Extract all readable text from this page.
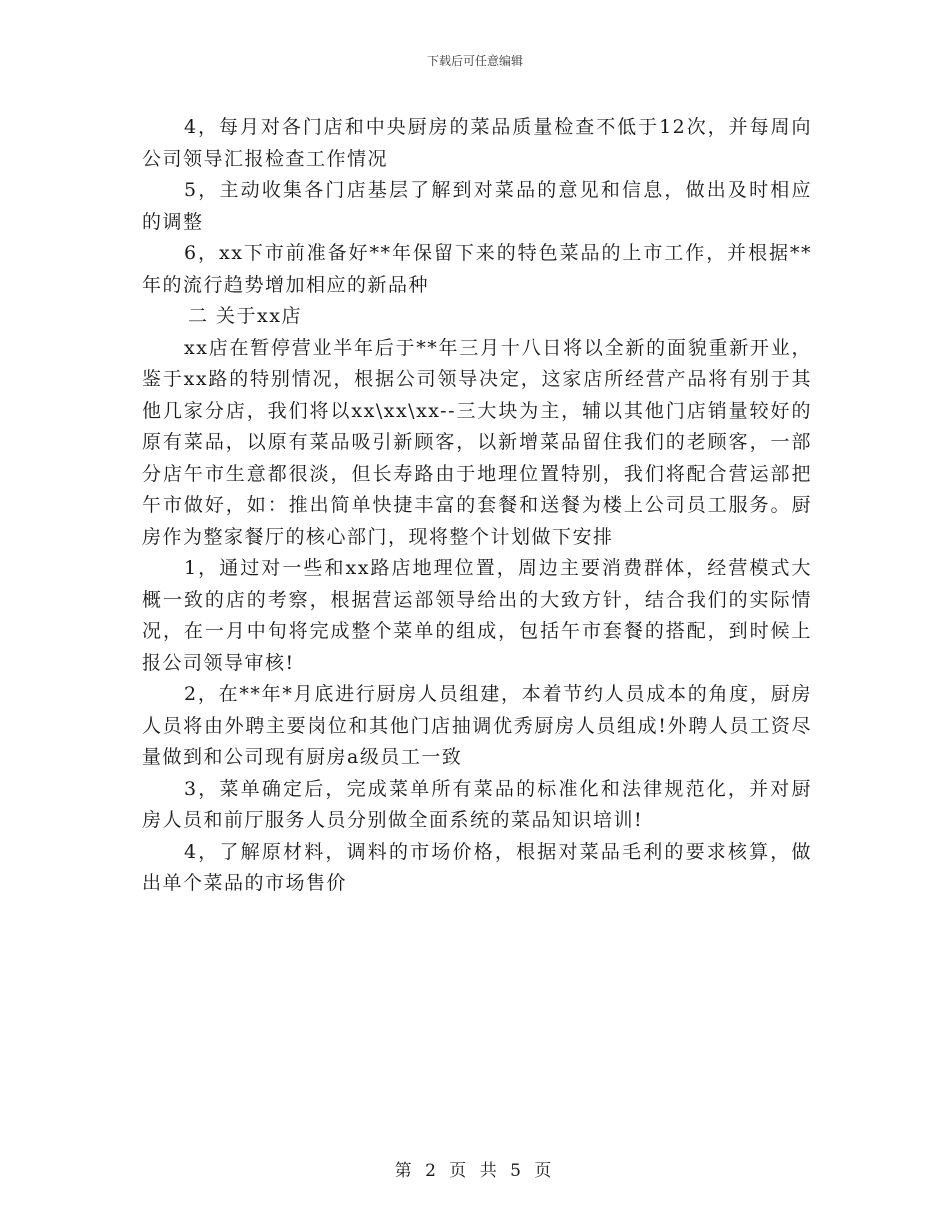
下载后可任意编辑

4，每月对各门店和中央厨房的菜品质量检查不低于12次，并每周向公司领导汇报检查工作情况

5，主动收集各门店基层了解到对菜品的意见和信息，做出及时相应的调整

6，xx下市前准备好**年保留下来的特色菜品的上市工作，并根据**年的流行趋势增加相应的新品种

二 关于xx店

xx店在暂停营业半年后于**年三月十八日将以全新的面貌重新开业，鉴于xx路的特别情况，根据公司领导决定，这家店所经营产品将有别于其他几家分店，我们将以xx\xx\xx--三大块为主，辅以其他门店销量较好的原有菜品，以原有菜品吸引新顾客，以新增菜品留住我们的老顾客，一部分店午市生意都很淡，但长寿路由于地理位置特别，我们将配合营运部把午市做好，如：推出简单快捷丰富的套餐和送餐为楼上公司员工服务。厨房作为整家餐厅的核心部门，现将整个计划做下安排

1，通过对一些和xx路店地理位置，周边主要消费群体，经营模式大概一致的店的考察，根据营运部领导给出的大致方针，结合我们的实际情况，在一月中旬将完成整个菜单的组成，包括午市套餐的搭配，到时候上报公司领导审核!

2，在**年*月底进行厨房人员组建，本着节约人员成本的角度，厨房人员将由外聘主要岗位和其他门店抽调优秀厨房人员组成!外聘人员工资尽量做到和公司现有厨房a级员工一致

3，菜单确定后，完成菜单所有菜品的标准化和法律规范化，并对厨房人员和前厅服务人员分别做全面系统的菜品知识培训!

4，了解原材料，调料的市场价格，根据对菜品毛利的要求核算，做出单个菜品的市场售价

第 2 页 共 5 页
